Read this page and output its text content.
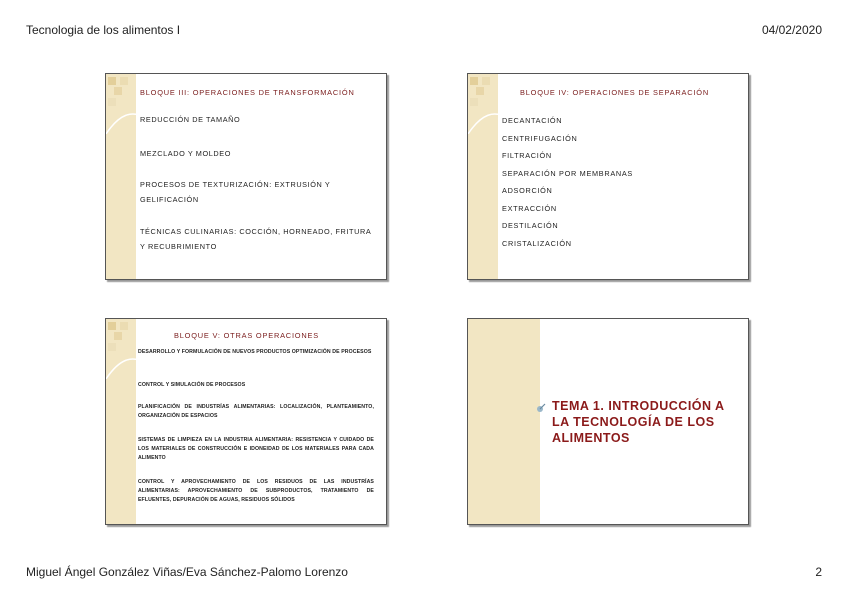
Tecnologia de los alimentos I	04/02/2020
BLOQUE III: OPERACIONES DE TRANSFORMACIÓN
REDUCCIÓN DE TAMAÑO
MEZCLADO Y MOLDEO
PROCESOS DE TEXTURIZACIÓN: EXTRUSIÓN Y GELIFICACIÓN
TÉCNICAS CULINARIAS: COCCIÓN, HORNEADO, FRITURA Y RECUBRIMIENTO
BLOQUE IV: OPERACIONES DE SEPARACIÓN
DECANTACIÓN
CENTRIFUGACIÓN
FILTRACIÓN
SEPARACIÓN POR MEMBRANAS
ADSORCIÓN
EXTRACCIÓN
DESTILACIÓN
CRISTALIZACIÓN
BLOQUE V: OTRAS OPERACIONES
DESARROLLO Y FORMULACIÓN DE NUEVOS PRODUCTOS OPTIMIZACIÓN DE PROCESOS
CONTROL Y SIMULACIÓN DE PROCESOS
PLANIFICACIÓN DE INDUSTRÍAS ALIMENTARIAS: LOCALIZACIÓN, PLANTEAMIENTO, ORGANIZACIÓN DE ESPACIOS
SISTEMAS DE LIMPIEZA EN LA INDUSTRIA ALIMENTARIA: RESISTENCIA Y CUIDADO DE LOS MATERIALES DE CONSTRUCCIÓN E IDONEIDAD DE LOS MATERIALES PARA CADA ALIMENTO
CONTROL Y APROVECHAMIENTO DE LOS RESIDUOS DE LAS INDUSTRÍAS ALIMENTARIAS: APROVECHAMIENTO DE SUBPRODUCTOS, TRATAMIENTO DE EFLUENTES, DEPURACIÓN DE AGUAS, RESIDUOS SÓLIDOS
TEMA 1. INTRODUCCIÓN A LA TECNOLOGÍA DE LOS ALIMENTOS
Miguel Ángel González Viñas/Eva Sánchez-Palomo Lorenzo	2
